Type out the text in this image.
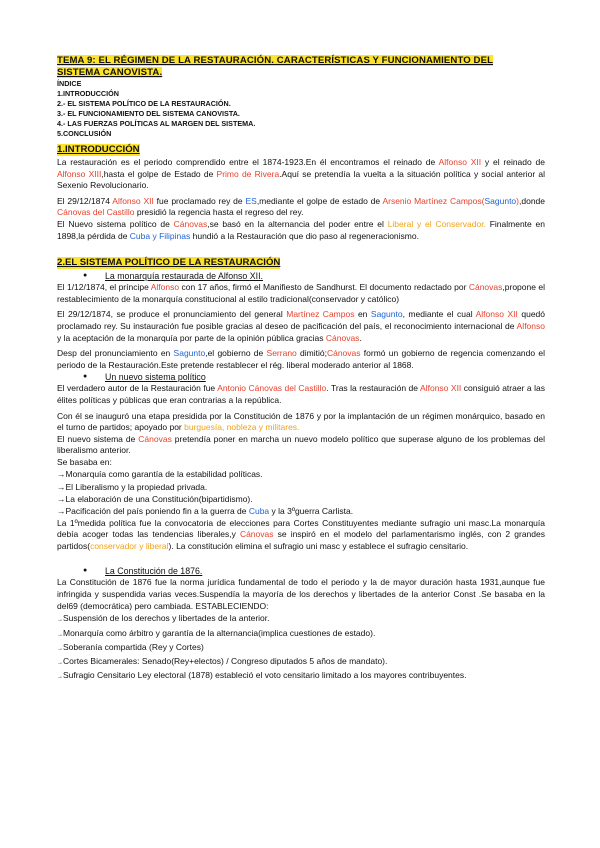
TEMA 9: EL RÉGIMEN DE LA RESTAURACIÓN. CARACTERÍSTICAS Y FUNCIONAMIENTO DEL
SISTEMA CANOVISTA.
ÍNDICE
1.INTRODUCCIÓN
2.- EL SISTEMA POLÍTICO DE LA RESTAURACIÓN.
3.- EL FUNCIONAMIENTO DEL SISTEMA CANOVISTA.
4.- LAS FUERZAS POLÍTICAS AL MARGEN DEL SISTEMA.
5.CONCLUSIÓN
1.INTRODUCCIÓN

La restauración es el periodo comprendido entre el 1874-1923.En él encontramos el reinado de Alfonso XII y el reinado de Alfonso XIII,hasta el golpe de Estado de Primo de Rivera.Aquí se pretendía la vuelta a la situación política y social anterior al Sexenio Revolucionario.

El 29/12/1874 Alfonso XII fue proclamado rey de ES,mediante el golpe de estado de Arsenio Martínez Campos(Sagunto),donde Cánovas del Castillo presidió la regencia hasta el regreso del rey.

El Nuevo sistema político de Cánovas,se basó en la alternancia del poder entre el Liberal y el Conservador. Finalmente en 1898,la pérdida de Cuba y Filipinas hundió a la Restauración que dio paso al regeneracionismo.

2.EL SISTEMA POLÍTICO DE LA RESTAURACIÓN
●	La monarquía restaurada de Alfonso XII.

El 1/12/1874, el príncipe Alfonso con 17 años, firmó el Manifiesto de Sandhurst. El documento redactado por Cánovas,propone el restablecimiento de la monarquía constitucional al estilo tradicional(conservador y católico)

El 29/12/1874, se produce el pronunciamiento del general Martínez Campos en Sagunto, mediante el cual Alfonso XII quedó proclamado rey. Su instauración fue posible gracias al deseo de pacificación del país, el reconocimiento internacional de Alfonso y la aceptación de la monarquía por parte de la opinión pública gracias Cánovas.

Desp del pronunciamiento en Sagunto,el gobierno de Serrano dimitió;Cánovas formó un gobierno de regencia comenzando el periodo de la Restauración.Este pretende restablecer el rég. liberal moderado anterior al 1868.

●	Un nuevo sistema político

El verdadero autor de la Restauración fue Antonio Cánovas del Castillo. Tras la restauración de Alfonso XII consiguió atraer a las élites políticas y públicas que eran contrarias a la república.

Con él se inauguró una etapa presidida por la Constitución de 1876 y por la implantación de un régimen monárquico, basado en el turno de partidos; apoyado por burguesía, nobleza y militares.

El nuevo sistema de Cánovas pretendía poner en marcha un nuevo modelo político que superase alguno de los problemas del liberalismo anterior.

Se basaba en:

→Monarquía como garantía de la estabilidad políticas.
→El Liberalismo y la propiedad privada.
→La elaboración de una Constitución(bipartidismo).
→Pacificación del país poniendo fin a la guerra de Cuba y la 3ºguerra Carlista.

La 1ºmedida política fue la convocatoria de elecciones para Cortes Constituyentes mediante sufragio uni masc.La monarquía debía acoger todas las tendencias liberales,y Cánovas se inspiró en el modelo del parlamentarismo inglés, con 2 grandes partidos(conservador y liberal). La constitución elimina el sufragio uni masc y establece el sufragio censitario.

●	La Constitución de 1876.

La Constitución de 1876 fue la norma jurídica fundamental de todo el periodo y la de mayor duración hasta 1931,aunque fue infringida y suspendida varias veces.Suspendía la mayoría de los derechos y libertades de la anterior Const .Se basaba en la del69 (democrática) pero cambiada. ESTABLECIENDO:

→Suspensión de los derechos y libertades de la anterior.
→Monarquía como árbitro y garantía de la alternancia(implica cuestiones de estado).
→Soberanía compartida (Rey y Cortes)
→Cortes Bicamerales: Senado(Rey+electos) / Congreso diputados 5 años de mandato).
→Sufragio Censitario Ley electoral (1878) estableció el voto censitario limitado a los mayores contribuyentes.
